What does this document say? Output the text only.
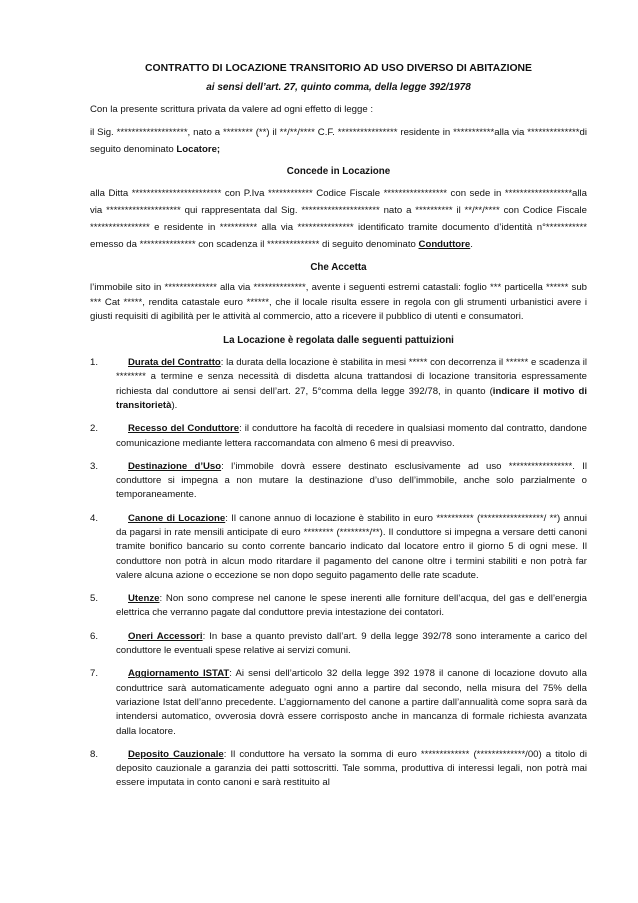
CONTRATTO DI LOCAZIONE TRANSITORIO AD USO DIVERSO DI ABITAZIONE
ai sensi dell’art. 27, quinto comma, della legge 392/1978

Con la presente scrittura privata da valere ad ogni effetto di legge :

il Sig. *******************, nato a ******** (**) il **/**/**** C.F. **************** residente in ***********alla via **************di seguito denominato Locatore;

Concede in Locazione

alla Ditta ************************ con P.Iva ************ Codice Fiscale ***************** con sede in ******************alla via ******************** qui rappresentata dal Sig. ********************* nato a ********** il **/**/**** con Codice Fiscale **************** e residente in ********** alla via *************** identificato tramite documento d’identità n°*********** emesso da *************** con scadenza il ************** di seguito denominato Conduttore.

Che Accetta

l’immobile sito in ************** alla via **************, avente i seguenti estremi catastali: foglio *** particella ****** sub *** Cat *****, rendita catastale euro ******, che il locale risulta essere in regola con gli strumenti urbanistici avere i giusti requisiti di agibilità per le attività al commercio, atto a ricevere il pubblico di utenti e consumatori.

La Locazione è regolata dalle seguenti pattuizioni
1.	Durata del Contratto: la durata della locazione è stabilita in mesi ***** con decorrenza il ****** e scadenza il ******** a termine e senza necessità di disdetta alcuna trattandosi di locazione transitoria espressamente richiesta dal conduttore ai sensi dell’art. 27, 5°comma della legge 392/78, in quanto (indicare il motivo di transitorietà).
2.	Recesso del Conduttore: il conduttore ha facoltà di recedere in qualsiasi momento dal contratto, dandone comunicazione mediante lettera raccomandata con almeno 6 mesi di preavviso.
3.	Destinazione d’Uso: l’immobile dovrà essere destinato esclusivamente ad uso *****************. Il conduttore si impegna a non mutare la destinazione d’uso dell’immobile, anche solo parzialmente o temporaneamente.
4.	Canone di Locazione: Il canone annuo di locazione è stabilito in euro ********** (*****************/ **) annui da pagarsi in rate mensili anticipate di euro ******** (********/**). Il conduttore si impegna a versare detti canoni tramite bonifico bancario su conto corrente bancario indicato dal locatore entro il giorno 5 di ogni mese. Il conduttore non potrà in alcun modo ritardare il pagamento del canone oltre i termini stabiliti e non potrà far valere alcuna azione o eccezione se non dopo seguito pagamento delle rate scadute.
5.	Utenze: Non sono comprese nel canone le spese inerenti alle forniture dell’acqua, del gas e dell’energia elettrica che verranno pagate dal conduttore previa intestazione dei contatori.
6.	Oneri Accessori: In base a quanto previsto dall’art. 9 della legge 392/78 sono interamente a carico del conduttore le eventuali spese relative ai servizi comuni.
7.	Aggiornamento ISTAT: Ai sensi dell’articolo 32 della legge 392 1978 il canone di locazione dovuto alla conduttrice sarà automaticamente adeguato ogni anno a partire dal secondo, nella misura del 75% della variazione Istat dell’anno precedente. L’aggiornamento del canone a partire dall’annualità come sopra sarà da intendersi automatico, ovverosia dovrà essere corrisposto anche in mancanza di formale richiesta avanzata dalla locatore.
8.	Deposito Cauzionale: Il conduttore ha versato la somma di euro ************* (*************/00) a titolo di deposito cauzionale a garanzia dei patti sottoscritti. Tale somma, produttiva di interessi legali, non potrà mai essere imputata in conto canoni e sarà restituito al
